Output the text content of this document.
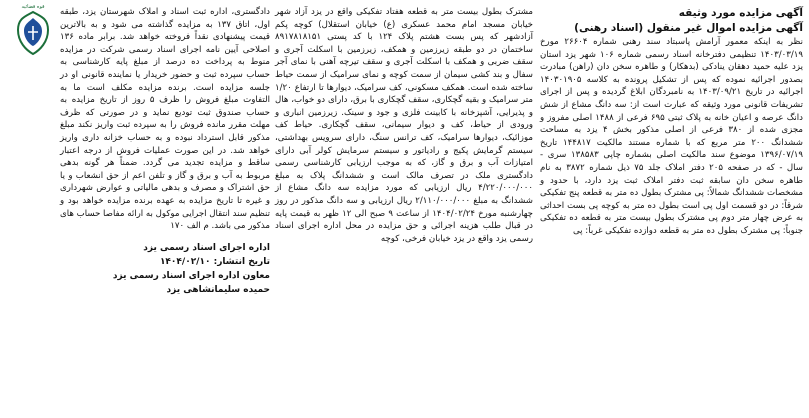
آگهی مزایده مورد وثیقه

آگهی مزایده اموال غیر منقول (اسناد رهنی)

نظر به اینکه معمور آرامش پاسبتاد سند رهنی شماره ۲۶۶۰۴ مورخ ۱۴۰۳/۰۳/۱۹ تنظیمی دفترخانه اسناد رسمی شماره ۱۰۶ شهر یزد استان یزد علیه حمید دهقان ینادکی (بدهکار) و طاهره سخن دان (راهن) مبادرت بصدور اجرائیه نموده که پس از تشکیل پرونده به کلاسه ۱۴۰۳۰۱۹۰۵ اجرائیه در تاریخ ۱۴۰۳/۰۹/۲۱ به نامبردگان ابلاغ گردیده و پس از اجرای تشریفات قانونی مورد وثیقه که عبارت است از: سه دانگ مشاع از شش دانگ عرصه و اعیان خانه به پلاک ثبتی ۶۹۵ فرعی از ۱۴۸۸ اصلی مفروز و مجزی شده از ۳۸۰ فرعی از اصلی مذکور بخش ۴ یزد به مساحت ششدانگ ۲۰۰ متر مربع که با شماره مستند مالکیت ۱۴۴۸۱۷ تاریخ ۱۳۹۶/۰۷/۱۹ موضوع سند مالکیت اصلی بشماره چاپی ۱۳۸۵۸۳ سری - سال - که در صفحه ۲۰۵ دفتر املاک جلد ۷۵ ذیل شماره ۳۸۷۲ به نام طاهره سخن دان سابقه ثبت دفتر املاک ثبت یزد دارد، با حدود و مشخصات ششدانگ شمالاً: پی مشترک بطول ده متر به قطعه پنج تفکیکی شرقاً: در دو قسمت اول پی است بطول ده متر به کوچه پی بست احداثی به عرض چهار متر دوم پی مشترک بطول بیست متر به قطعه ده تفکیکی جنوباً: پی مشترک بطول ده متر به قطعه دوازده تفکیکی غرباً: پی

مشترک بطول بیست متر به قطعه هفتاد تفکیکی واقع در یزد آزاد شهر خیابان مسجد امام محمد عسکری (ع) خیابان استقلال) کوچه پکم آزادشهر که پس بست هشتم پلاک ۱۲۴ با کد پستی ۸۹۱۷۸۱۸۱۵۱ ساختمان در دو طبقه زیرزمین و همکف، زیرزمین با اسکلت آجری و سقف ضربی و همکف با اسکلت آجری و سقف تیرچه آهنی با نمای آجر سفال و بند کشی سیمان از سمت کوچه و نمای سرامیک از سمت حیاط ساخته شده است. همکف مسکونی، کف سرامیک، دیوارها تا ارتفاع ۱/۲۰ متر سرامیک و بقیه گچکاری، سقف گچکاری با برق، دارای دو خواب، هال و پذیرایی، آشپزخانه با کابینت فلزی و جود و سینک. زیرزمین انباری و ورودی از حیاط، کف و دیوار سیمانی، سقف گچکاری. حیاط کف موزائیک، دیوارها سرامیک، کف ترانس سنگ، دارای سرویس بهداشتی، سیستم گرمایش پکیج و رادیاتور و سیستم سرمایش کولر آبی دارای امتیازات آب و برق و گاز، که به موجب ارزیابی کارشناسی رسمی دادگستری ملک در تصرف مالک است و ششدانگ پلاک به مبلغ ۴/۲۲۰/۰۰۰/۰۰۰ ریال ارزیابی که مورد مزایده سه دانگ مشاع از ششدانگ به مبلغ ۲/۱۱۰/۰۰۰/۰۰۰ ریال ارزیابی و سه دانگ مذکور در روز چهارشنبه مورخ ۱۴۰۴/۰۲/۲۴ از ساعت ۹ صبح الی ۱۲ ظهر به قیمت پایه در قبال طلب هزینه اجرائی و حق مزایده در محل اداره اجرای اسناد رسمی یزد واقع در یزد خیابان فرخی، کوچه

دادگستری، اداره ثبت اسناد و املاک شهرستان یزد، طبقه اول، اتاق ۱۳۷ به مزایده گذاشته می شود و به بالاترین قیمت پیشنهادی نقداً فروخته خواهد شد. برابر ماده ۱۳۶ اصلاحی آیین نامه اجرای اسناد رسمی شرکت در مزایده منوط به پرداخت ده درصد از مبلغ پایه کارشناسی به حساب سپرده ثبت و حضور خریدار یا نماینده قانونی او در جلسه مزایده است. برنده مزایده مکلف است ما به التفاوت مبلغ فروش را ظرف ۵ روز از تاریخ مزایده به حساب صندوق ثبت تودیع نماید و در صورتی که ظرف مهلت مقرر مانده فروش را به سپرده ثبت واریز نکند مبلغ مذکور قابل استرداد نبوده و به حساب خزانه داری واریز خواهد شد. در این صورت عملیات فروش از درجه اعتبار ساقط و مزایده تجدید می گردد. ضمناً هر گونه بدهی مربوط به آب و برق و گاز و تلفن اعم از حق انشعاب و یا حق اشتراک و مصرف و بدهی مالیاتی و عوارض شهرداری و غیره تا تاریخ مزایده به عهده برنده مزایده خواهد بود و تنظیم سند انتقال اجرایی موکول به ارائه مفاصا حساب های مذکور می باشد. م الف ۱۷۰

اداره اجرای اسناد رسمی یزد
تاریخ انتشار: ۱۴۰۴/۰۲/۱۰
معاون اداره اجرای اسناد رسمی یزد
حمیده سلیمانشاهی یزد
قوه قضائیه
